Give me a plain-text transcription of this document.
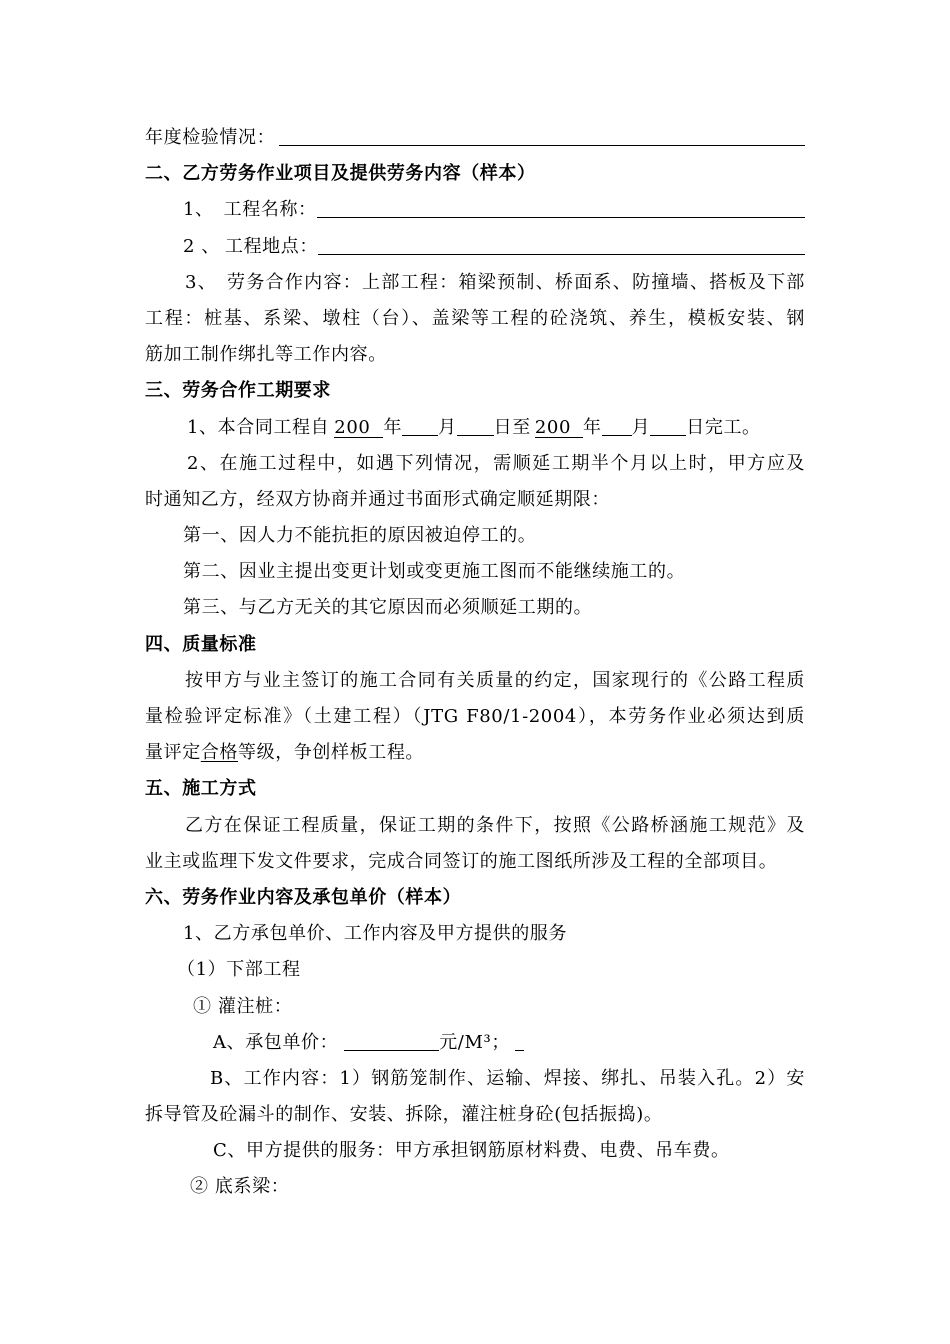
年度检验情况：
二、乙方劳务作业项目及提供劳务内容（样本）
1、 工程名称：
2 、 工程地点：
3、 劳务合作内容：上部工程：箱梁预制、桥面系、防撞墙、搭板及下部
工程：桩基、系梁、墩柱（台）、盖梁等工程的砼浇筑、养生，模板安装、钢
筋加工制作绑扎等工作内容。
三、劳务合作工期要求
1、本合同工程自 200 年 月 日至 200 年 月 日完工。
2、在施工过程中，如遇下列情况，需顺延工期半个月以上时，甲方应及
时通知乙方，经双方协商并通过书面形式确定顺延期限：
第一、因人力不能抗拒的原因被迫停工的。
第二、因业主提出变更计划或变更施工图而不能继续施工的。
第三、与乙方无关的其它原因而必须顺延工期的。
四、质量标准
按甲方与业主签订的施工合同有关质量的约定，国家现行的《公路工程质
量检验评定标准》（土建工程）（JTG F80/1-2004），本劳务作业必须达到质
量评定合格等级，争创样板工程。
五、施工方式
乙方在保证工程质量，保证工期的条件下，按照《公路桥涵施工规范》及
业主或监理下发文件要求，完成合同签订的施工图纸所涉及工程的全部项目。
六、劳务作业内容及承包单价（样本）
1、乙方承包单价、工作内容及甲方提供的服务
（1）下部工程
① 灌注桩：
A、承包单价：	元/M³；
B、工作内容：1）钢筋笼制作、运输、焊接、绑扎、吊装入孔。2）安
拆导管及砼漏斗的制作、安装、拆除，灌注桩身砼(包括振捣)。
C、甲方提供的服务：甲方承担钢筋原材料费、电费、吊车费。
② 底系梁：
